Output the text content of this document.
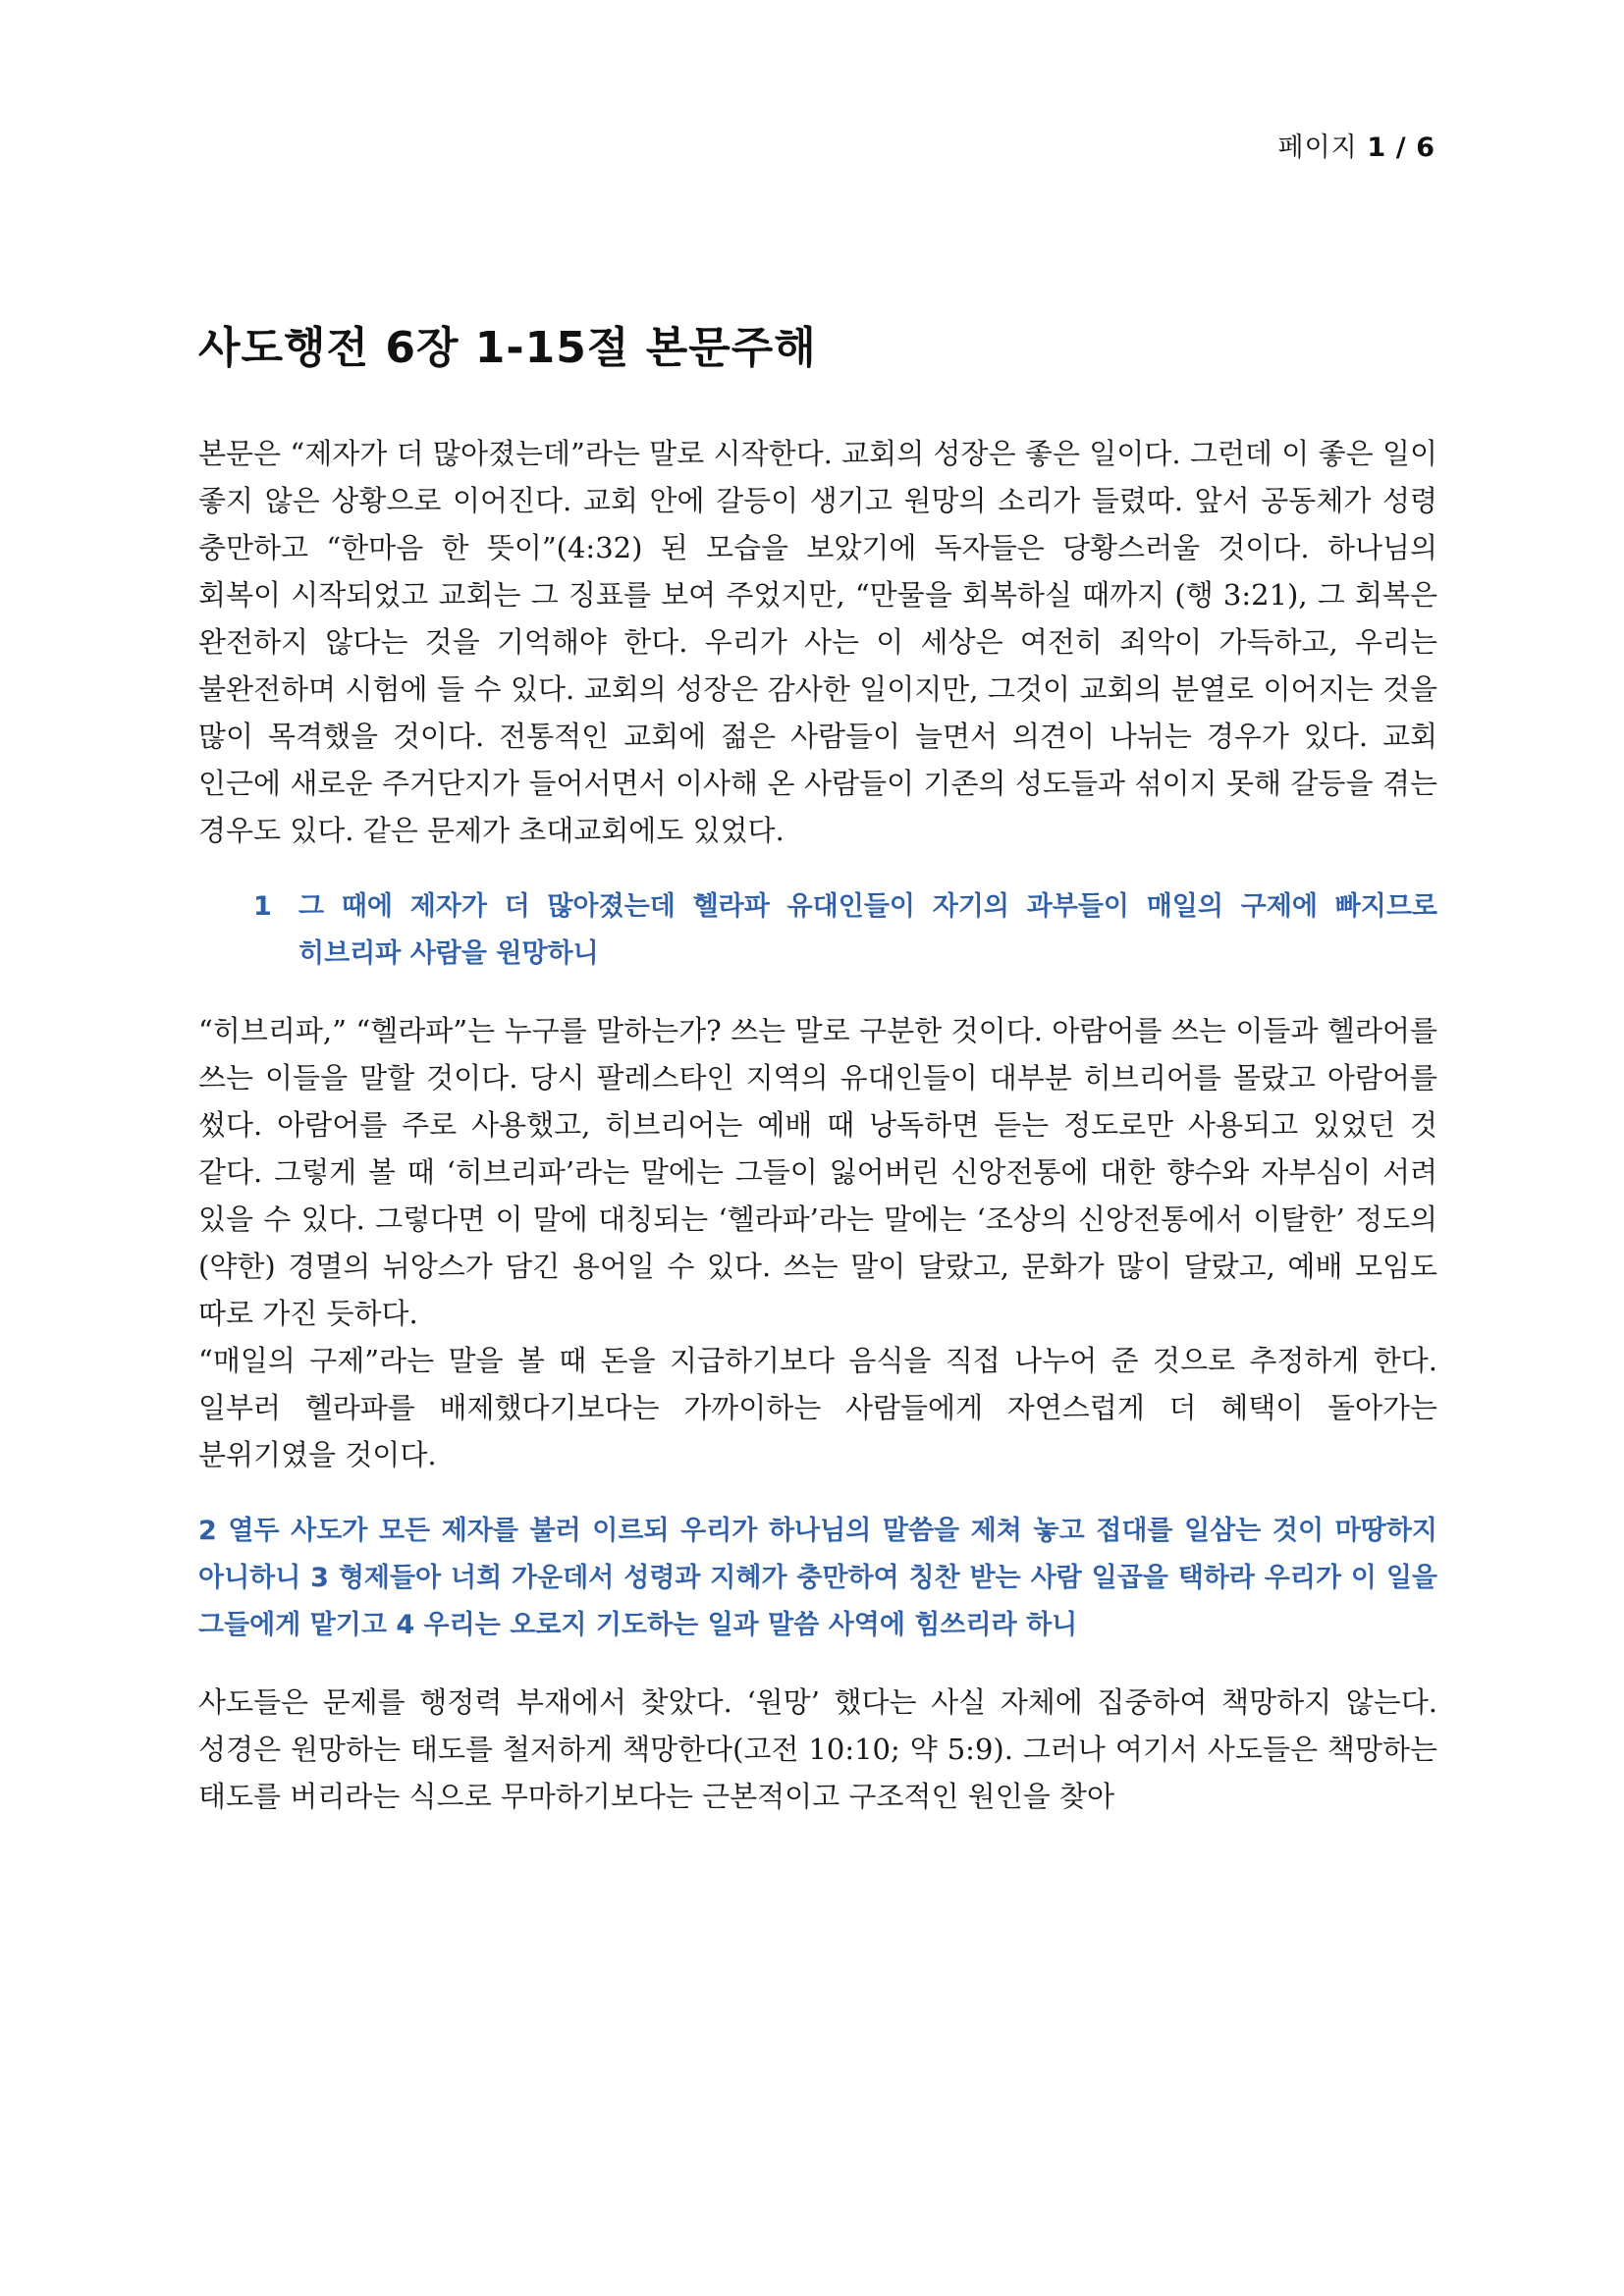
페이지 1 / 6
사도행전 6장 1-15절 본문주해

본문은 “제자가 더 많아졌는데”라는 말로 시작한다. 교회의 성장은 좋은 일이다. 그런데 이 좋은 일이 좋지 않은 상황으로 이어진다. 교회 안에 갈등이 생기고 원망의 소리가 들렸따. 앞서 공동체가 성령 충만하고 “한마음 한 뜻이”(4:32) 된 모습을 보았기에 독자들은 당황스러울 것이다. 하나님의 회복이 시작되었고 교회는 그 징표를 보여 주었지만, “만물을 회복하실 때까지 (행 3:21), 그 회복은 완전하지 않다는 것을 기억해야 한다. 우리가 사는 이 세상은 여전히 죄악이 가득하고, 우리는 불완전하며 시험에 들 수 있다. 교회의 성장은 감사한 일이지만, 그것이 교회의 분열로 이어지는 것을 많이 목격했을 것이다. 전통적인 교회에 젊은 사람들이 늘면서 의견이 나뉘는 경우가 있다. 교회 인근에 새로운 주거단지가 들어서면서 이사해 온 사람들이 기존의 성도들과 섞이지 못해 갈등을 겪는 경우도 있다. 같은 문제가 초대교회에도 있었다.

1	그 때에 제자가 더 많아졌는데 헬라파 유대인들이 자기의 과부들이 매일의 구제에 빠지므로 히브리파 사람을 원망하니

“히브리파,” “헬라파”는 누구를 말하는가? 쓰는 말로 구분한 것이다. 아람어를 쓰는 이들과 헬라어를 쓰는 이들을 말할 것이다. 당시 팔레스타인 지역의 유대인들이 대부분 히브리어를 몰랐고 아람어를 썼다. 아람어를 주로 사용했고, 히브리어는 예배 때 낭독하면 듣는 정도로만 사용되고 있었던 것 같다. 그렇게 볼 때 ‘히브리파’라는 말에는 그들이 잃어버린 신앙전통에 대한 향수와 자부심이 서려 있을 수 있다. 그렇다면 이 말에 대칭되는 ‘헬라파’라는 말에는 ‘조상의 신앙전통에서 이탈한’ 정도의 (약한) 경멸의 뉘앙스가 담긴 용어일 수 있다. 쓰는 말이 달랐고, 문화가 많이 달랐고, 예배 모임도 따로 가진 듯하다.

“매일의 구제”라는 말을 볼 때 돈을 지급하기보다 음식을 직접 나누어 준 것으로 추정하게 한다. 일부러 헬라파를 배제했다기보다는 가까이하는 사람들에게 자연스럽게 더 혜택이 돌아가는 분위기였을 것이다.

2 열두 사도가 모든 제자를 불러 이르되 우리가 하나님의 말씀을 제쳐 놓고 접대를 일삼는 것이 마땅하지 아니하니 3 형제들아 너희 가운데서 성령과 지혜가 충만하여 칭찬 받는 사람 일곱을 택하라 우리가 이 일을 그들에게 맡기고 4 우리는 오로지 기도하는 일과 말씀 사역에 힘쓰리라 하니

사도들은 문제를 행정력 부재에서 찾았다. ‘원망’ 했다는 사실 자체에 집중하여 책망하지 않는다. 성경은 원망하는 태도를 철저하게 책망한다(고전 10:10; 약 5:9). 그러나 여기서 사도들은 책망하는 태도를 버리라는 식으로 무마하기보다는 근본적이고 구조적인 원인을 찾아
